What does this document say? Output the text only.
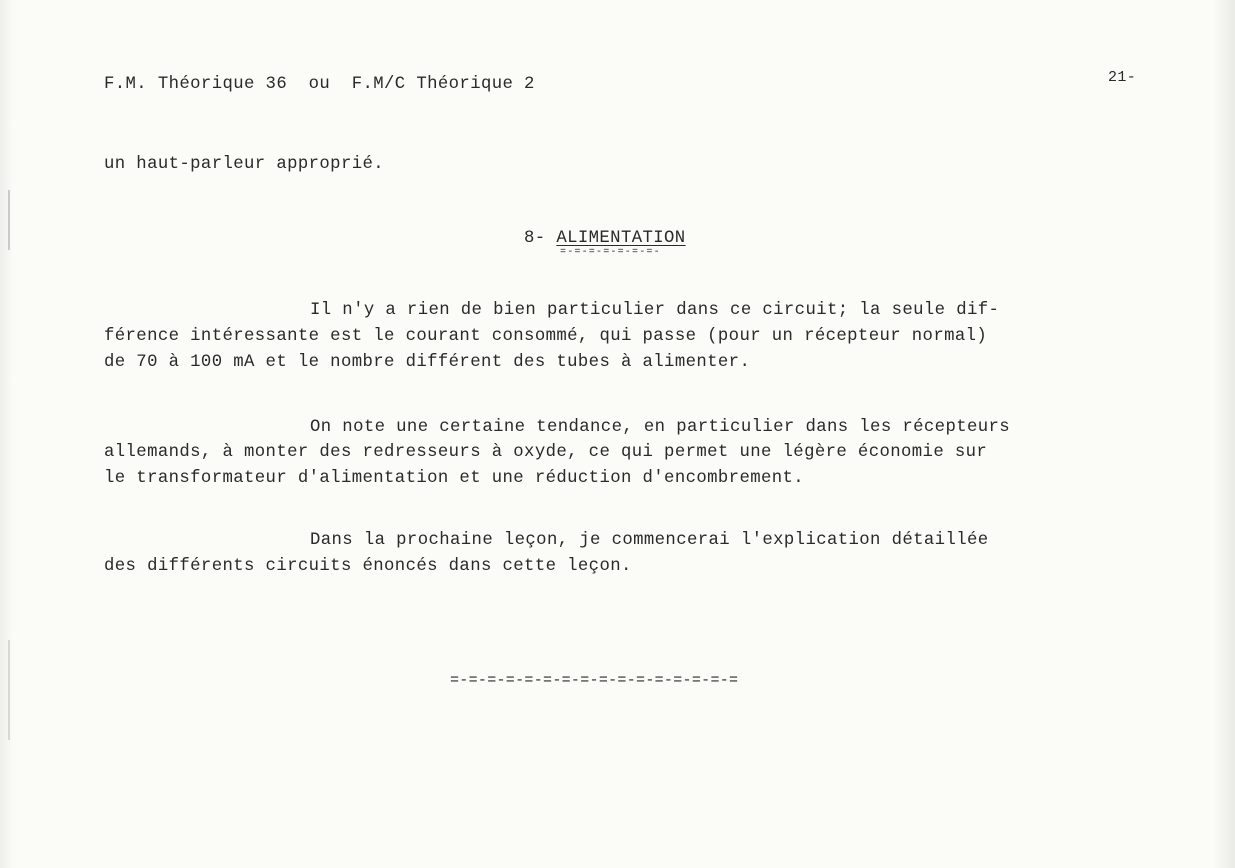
F.M. Théorique 36  ou  F.M/C Théorique 2	21-
un haut-parleur approprié.
8- ALIMENTATION
=-=-=-=-=-=-=-
Il n'y a rien de bien particulier dans ce circuit; la seule dif-
férence intéressante est le courant consommé, qui passe (pour un récepteur normal)
de 70 à 100 mA et le nombre différent des tubes à alimenter.
On note une certaine tendance, en particulier dans les récepteurs
allemands, à monter des redresseurs à oxyde, ce qui permet une légère économie sur
le transformateur d'alimentation et une réduction d'encombrement.
Dans la prochaine leçon, je commencerai l'explication détaillée
des différents circuits énoncés dans cette leçon.
=-=-=-=-=-=-=-=-=-=-=-=-=-=-=-=
